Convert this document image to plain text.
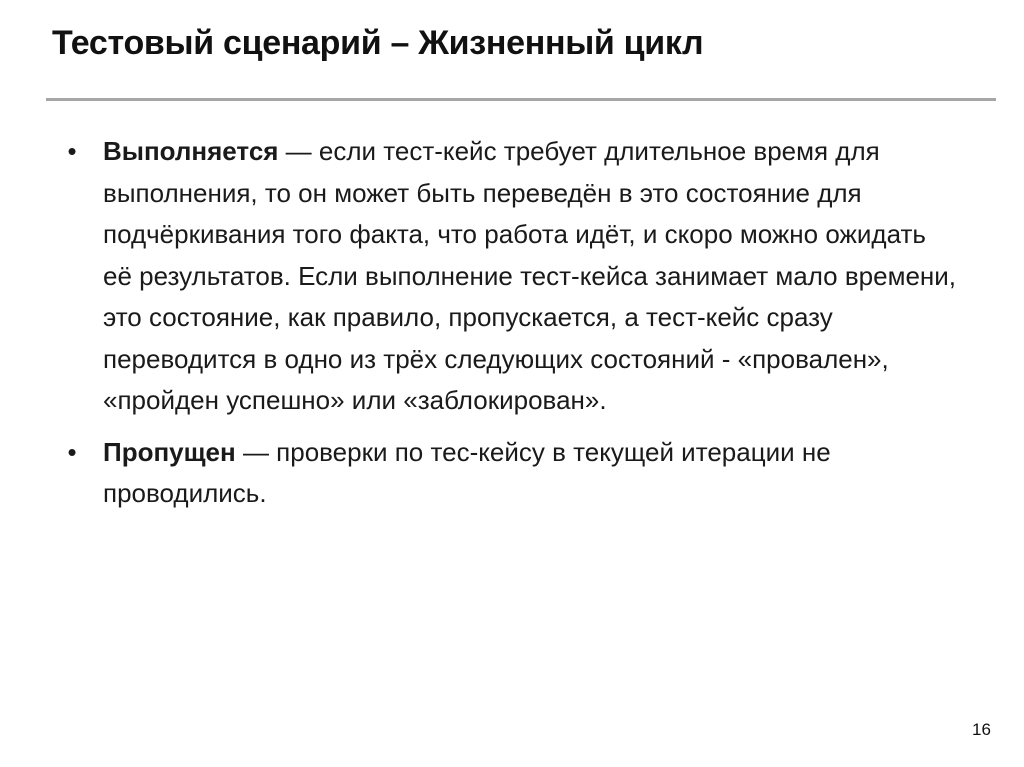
Тестовый сценарий – Жизненный цикл
• Выполняется — если тест-кейс требует длительное время для выполнения, то он может быть переведён в это состояние для подчёркивания того факта, что работа идёт, и скоро можно ожидать её результатов. Если выполнение тест-кейса занимает мало времени, это состояние, как правило, пропускается, а тест-кейс сразу переводится в одно из трёх следующих состояний - «провален», «пройден успешно» или «заблокирован».
• Пропущен — проверки по тес-кейсу в текущей итерации не проводились.
16
